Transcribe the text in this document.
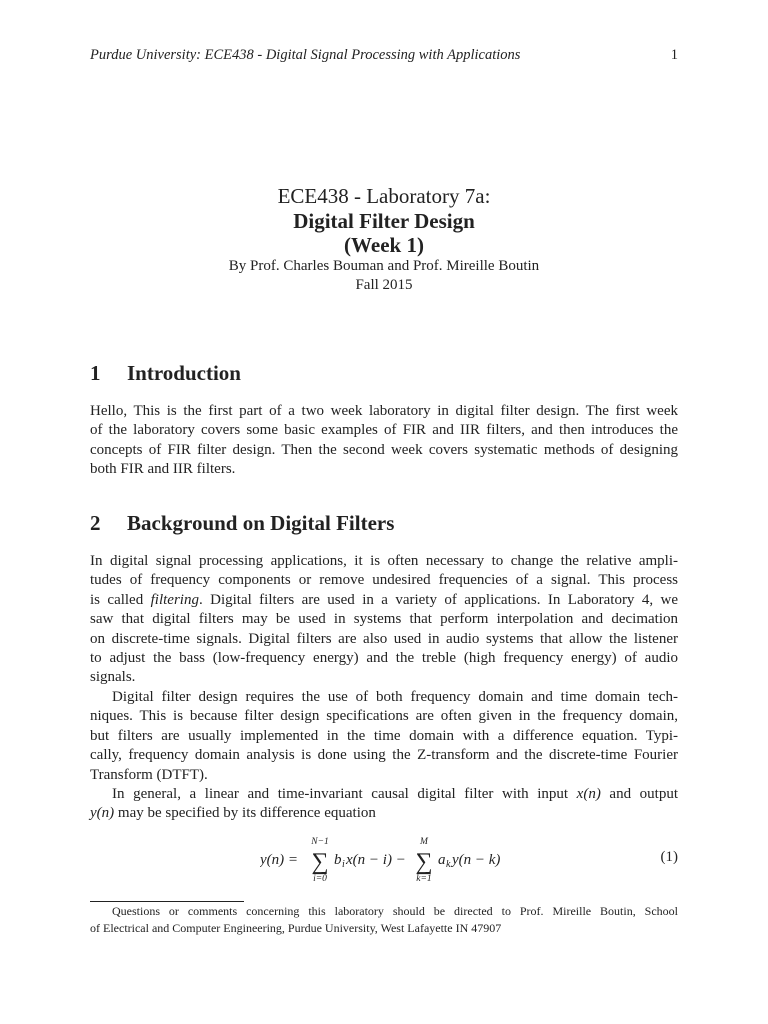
Purdue University: ECE438 - Digital Signal Processing with Applications	1
ECE438 - Laboratory 7a:
Digital Filter Design
(Week 1)
By Prof. Charles Bouman and Prof. Mireille Boutin
Fall 2015
1 Introduction

Hello, This is the first part of a two week laboratory in digital filter design. The first week
of the laboratory covers some basic examples of FIR and IIR filters, and then introduces the
concepts of FIR filter design. Then the second week covers systematic methods of designing
both FIR and IIR filters.

2 Background on Digital Filters

In digital signal processing applications, it is often necessary to change the relative ampli-
tudes of frequency components or remove undesired frequencies of a signal. This process
is called filtering. Digital filters are used in a variety of applications. In Laboratory 4, we
saw that digital filters may be used in systems that perform interpolation and decimation
on discrete-time signals. Digital filters are also used in audio systems that allow the listener
to adjust the bass (low-frequency energy) and the treble (high frequency energy) of audio
signals.

Digital filter design requires the use of both frequency domain and time domain tech-
niques. This is because filter design specifications are often given in the frequency domain,
but filters are usually implemented in the time domain with a difference equation. Typi-
cally, frequency domain analysis is done using the Z-transform and the discrete-time Fourier
Transform (DTFT).

In general, a linear and time-invariant causal digital filter with input x(n) and output
y(n) may be specified by its difference equation

y(n) =
N−1
∑
i=0
b i x(n − i) −
M
∑
k=1
a k y(n − k)	(1)
Questions or comments concerning this laboratory should be directed to Prof. Mireille Boutin, School
of Electrical and Computer Engineering, Purdue University, West Lafayette IN 47907
